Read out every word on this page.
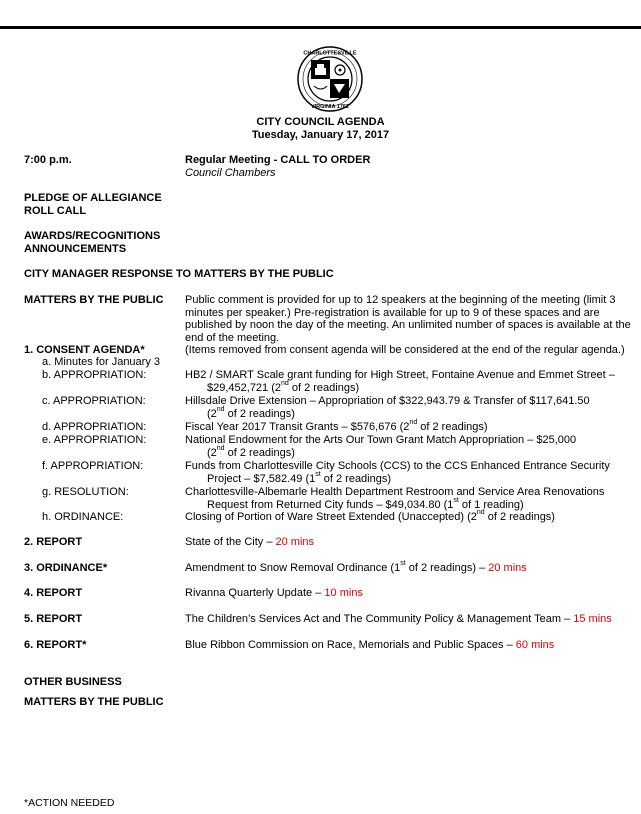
CHARLOTTESVILLE
VIRGINIA 1762
CITY COUNCIL AGENDA
Tuesday, January 17, 2017
7:00 p.m.	Regular Meeting - CALL TO ORDER
Council Chambers
PLEDGE OF ALLEGIANCE
ROLL CALL
AWARDS/RECOGNITIONS
ANNOUNCEMENTS
CITY MANAGER RESPONSE TO MATTERS BY THE PUBLIC
MATTERS BY THE PUBLIC Public comment is provided for up to 12 speakers at the beginning of the meeting (limit 3 minutes per speaker.) Pre-registration is available for up to 9 of these spaces and are published by noon the day of the meeting. An unlimited number of spaces is available at the end of the meeting.
1. CONSENT AGENDA*	(Items removed from consent agenda will be considered at the end of the regular agenda.)
a. Minutes for January 3
b. APPROPRIATION:	HB2 / SMART Scale grant funding for High Street, Fontaine Avenue and Emmet Street –
$29,452,721 (2nd of 2 readings)
c. APPROPRIATION:	Hillsdale Drive Extension – Appropriation of $322,943.79 & Transfer of $117,641.50
(2nd of 2 readings)
d. APPROPRIATION:	Fiscal Year 2017 Transit Grants – $576,676 (2nd of 2 readings)
e. APPROPRIATION:	National Endowment for the Arts Our Town Grant Match Appropriation – $25,000
(2nd of 2 readings)
f. APPROPRIATION:	Funds from Charlottesville City Schools (CCS) to the CCS Enhanced Entrance Security
Project – $7,582.49 (1st of 2 readings)
g. RESOLUTION:	Charlottesville-Albemarle Health Department Restroom and Service Area Renovations
Request from Returned City funds – $49,034.80 (1st of 1 reading)
h. ORDINANCE:	Closing of Portion of Ware Street Extended (Unaccepted) (2nd of 2 readings)
2. REPORT	State of the City – 20 mins
3. ORDINANCE*	Amendment to Snow Removal Ordinance (1st of 2 readings) – 20 mins
4. REPORT	Rivanna Quarterly Update – 10 mins
5. REPORT	The Children’s Services Act and The Community Policy & Management Team – 15 mins
6. REPORT*	Blue Ribbon Commission on Race, Memorials and Public Spaces – 60 mins
OTHER BUSINESS
MATTERS BY THE PUBLIC
*ACTION NEEDED
